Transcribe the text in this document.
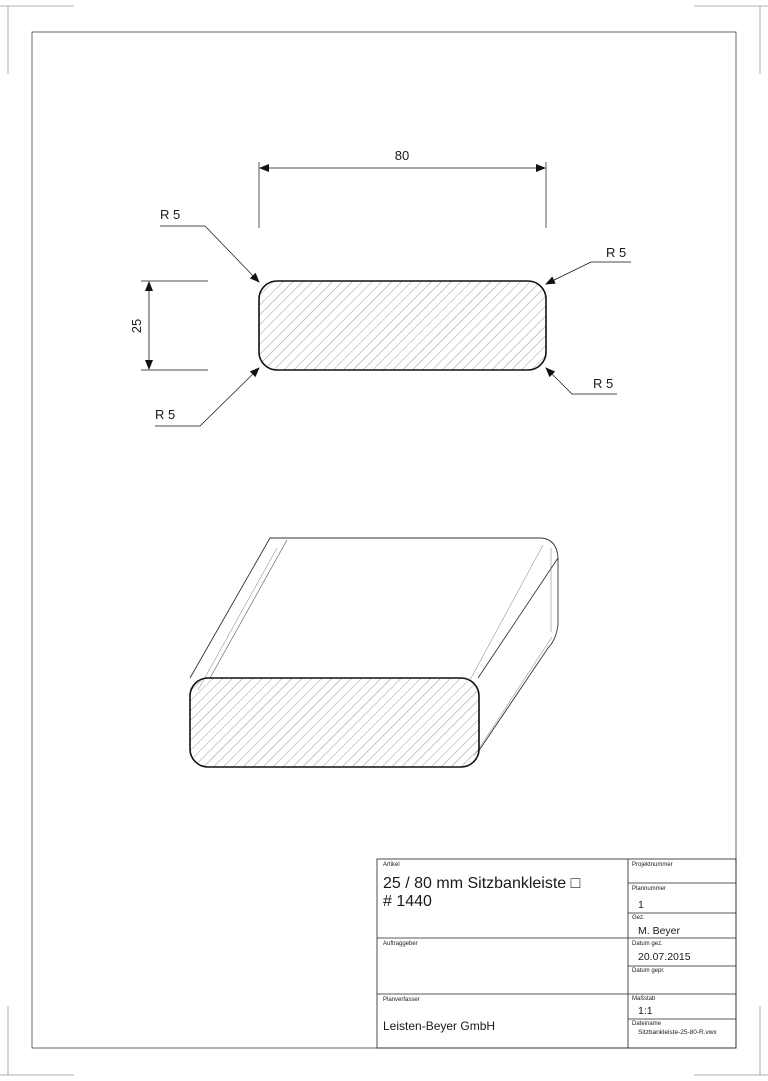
80
25
R 5
R 5
R 5
R 5
Artikel
25 / 80 mm Sitzbankleiste □
# 1440
Auftraggeber
Planverfasser
Leisten-Beyer GmbH
Projektnummer
Plannummer
1
Gez.
M. Beyer
Datum gez.
20.07.2015
Datum gepr.
Maßstab
1:1
Dateiname
Sitzbankleiste-25-80-R.vwx
